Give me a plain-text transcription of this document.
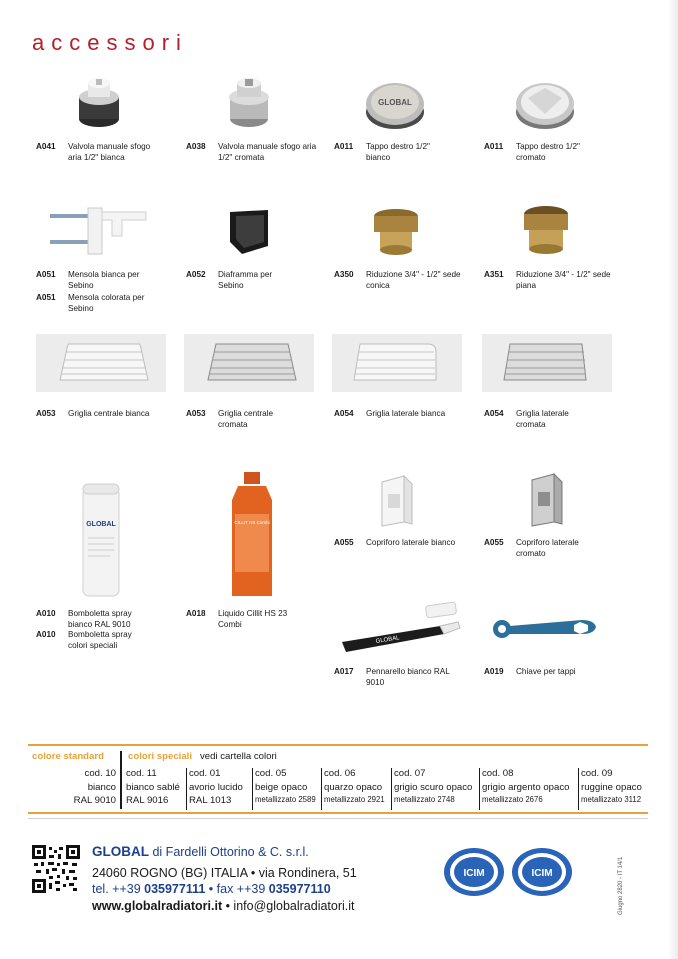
accessori
GLOBAL
GLOBAL	CILLIT HS Combi
GLOBAL
A041 Valvola manuale sfogo aria 1/2" bianca
A038 Valvola manuale sfogo aria 1/2" cromata
A011 Tappo destro 1/2" bianco
A011 Tappo destro 1/2" cromato
A051 Mensola bianca per Sebino
A051 Mensola colorata per Sebino
A052 Diaframma per Sebino
A350 Riduzione 3/4" - 1/2" sede conica
A351 Riduzione 3/4" - 1/2" sede piana
A053 Griglia centrale bianca	A053 Griglia centrale cromata
A054 Griglia laterale bianca	A054 Griglia laterale cromata
A010 Bomboletta spray bianco RAL 9010
A010 Bomboletta spray colori speciali
A018 Liquido Cillit HS 23 Combi
A055 Copriforo laterale bianco	A055 Copriforo laterale cromato
A017 Pennarello bianco RAL 9010
A019 Chiave per tappi
colore standard	colori speciali vedi cartella colori
cod. 10
bianco
RAL 9010
cod. 11
bianco sablé
RAL 9016
cod. 01
avorio lucido
RAL 1013
cod. 05
beige opaco
metallizzato 2589
cod. 06
quarzo opaco
metallizzato 2921
cod. 07
grigio scuro opaco
metallizzato 2748
cod. 08
grigio argento opaco
metallizzato 2676
cod. 09
ruggine opaco
metallizzato 3112
GLOBAL di Fardelli Ottorino & C. s.r.l.
24060 ROGNO (BG) ITALIA • via Rondinera, 51
tel. ++39 035977111 • fax ++39 035977110
www.globalradiatori.it • info@globalradiatori.it
ICIM	ICIM	Giugno 2820 - IT 14/1
